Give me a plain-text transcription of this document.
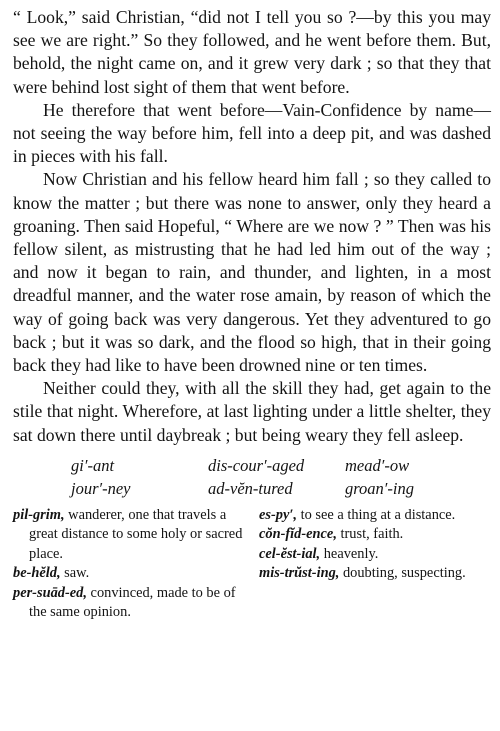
“ Look,” said Christian, “did not I tell you so ?—by this you may see we are right.” So they followed, and he went before them. But, behold, the night came on, and it grew very dark ; so that they that were behind lost sight of them that went before.

He therefore that went before—Vain-Confidence by name—not seeing the way before him, fell into a deep pit, and was dashed in pieces with his fall.

Now Christian and his fellow heard him fall ; so they called to know the matter ; but there was none to answer, only they heard a groaning. Then said Hopeful, “ Where are we now ? ” Then was his fellow silent, as mistrusting that he had led him out of the way ; and now it began to rain, and thunder, and lighten, in a most dreadful manner, and the water rose amain, by reason of which the way of going back was very dangerous. Yet they adventured to go back ; but it was so dark, and the flood so high, that in their going back they had like to have been drowned nine or ten times.

Neither could they, with all the skill they had, get again to the stile that night. Wherefore, at last lighting under a little shelter, they sat down there until daybreak ; but being weary they fell asleep.

gi′-ant	dis-cour′-aged	mead′-ow
jour′-ney	ad-vĕn-tured	groan′-ing
pil-grim, wanderer, one that travels a great distance to some holy or sacred place.
be-hĕld, saw.
per-suād-ed, convinced, made to be of the same opinion.
es-py′, to see a thing at a distance.
cŏn-fĭd-ence, trust, faith.
cel-ĕst-ial, heavenly.
mis-trŭst-ing, doubting, suspecting.
